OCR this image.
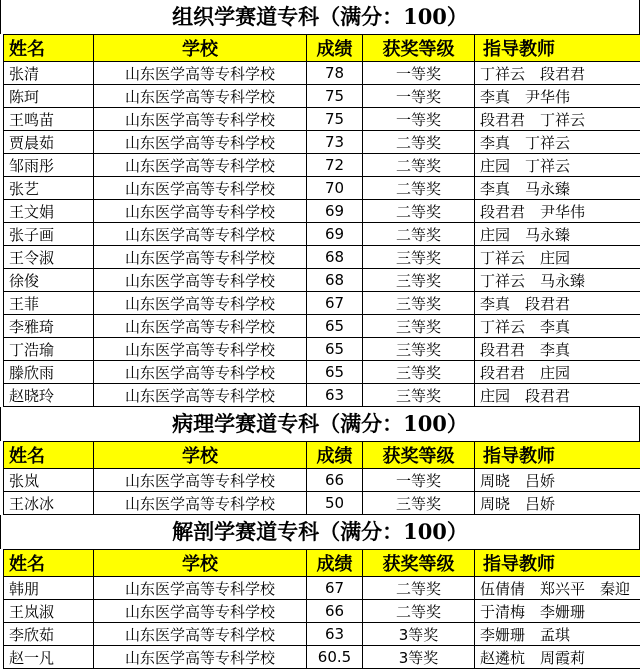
组织学赛道专科（满分：100）
姓名	学校	成绩	获奖等级	指导教师
张清	山东医学高等专科学校	78	一等奖	丁祥云　段君君
陈珂	山东医学高等专科学校	75	一等奖	李真　尹华伟
王鸣苗	山东医学高等专科学校	75	一等奖	段君君　丁祥云
贾晨茹	山东医学高等专科学校	73	二等奖	李真　丁祥云
邹雨彤	山东医学高等专科学校	72	二等奖	庄园　丁祥云
张艺	山东医学高等专科学校	70	二等奖	李真　马永臻
王文娟	山东医学高等专科学校	69	二等奖	段君君　尹华伟
张子画	山东医学高等专科学校	69	二等奖	庄园　马永臻
王令淑	山东医学高等专科学校	68	三等奖	丁祥云　庄园
徐俊	山东医学高等专科学校	68	三等奖	丁祥云　马永臻
王菲	山东医学高等专科学校	67	三等奖	李真　段君君
李雅琦	山东医学高等专科学校	65	三等奖	丁祥云　李真
丁浩瑜	山东医学高等专科学校	65	三等奖	段君君　李真
滕欣雨	山东医学高等专科学校	65	三等奖	段君君　庄园
赵晓玲	山东医学高等专科学校	63	三等奖	庄园　段君君
病理学赛道专科（满分：100）
姓名	学校	成绩	获奖等级	指导教师
张岚	山东医学高等专科学校	66	一等奖	周晓　吕娇
王冰冰	山东医学高等专科学校	50	三等奖	周晓　吕娇
解剖学赛道专科（满分：100）
姓名	学校	成绩	获奖等级	指导教师
韩朋	山东医学高等专科学校	67	二等奖	伍倩倩　郑兴平　秦迎
王岚淑	山东医学高等专科学校	66	二等奖	于清梅　李姗珊
李欣茹	山东医学高等专科学校	63	3等奖	李姗珊　孟琪
赵一凡	山东医学高等专科学校	60.5	3等奖	赵遴杭　周霞莉
